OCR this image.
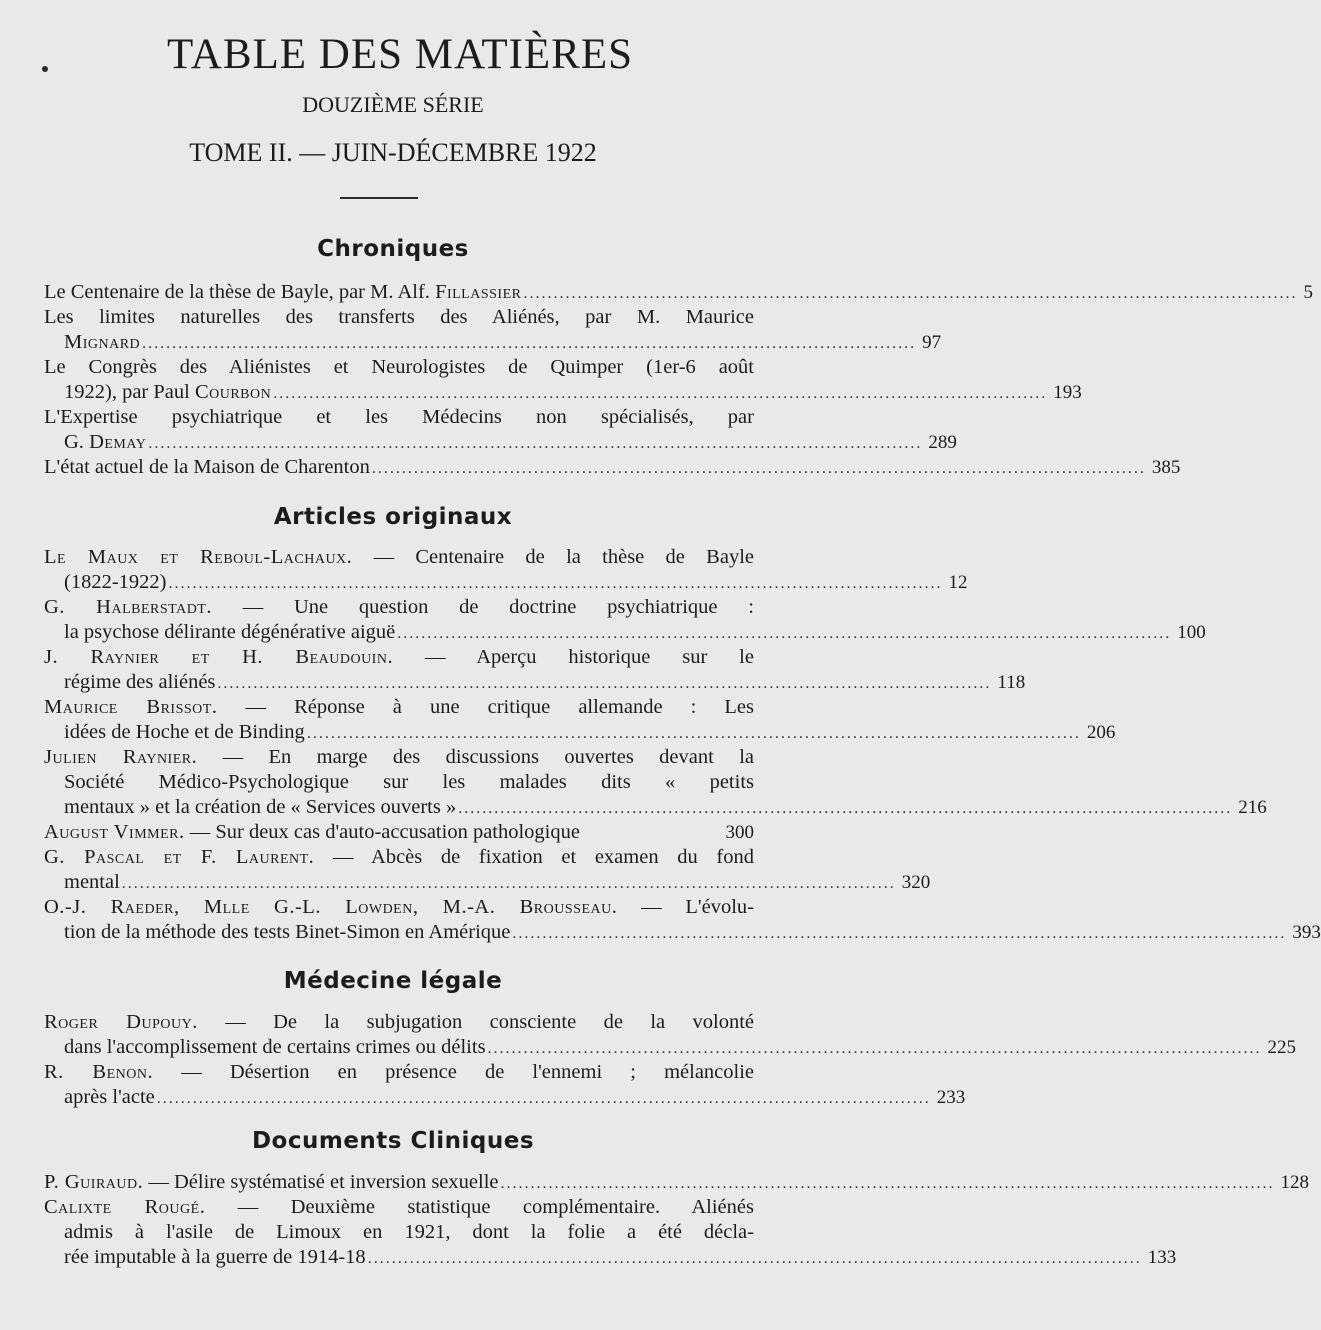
TABLE DES MATIÈRES
DOUZIÈME SÉRIE
TOME II. — JUIN-DÉCEMBRE 1922
Chroniques
Le Centenaire de la thèse de Bayle, par M. Alf. Fillassier ................................................................................................................................. 5
Les limites naturelles des transferts des Aliénés, par M. Maurice
Mignard ................................................................................................................................. 97
Le Congrès des Aliénistes et Neurologistes de Quimper (1er-6 août
1922), par Paul Courbon ................................................................................................................................. 193
L'Expertise psychiatrique et les Médecins non spécialisés, par
G. Demay ................................................................................................................................. 289
L'état actuel de la Maison de Charenton ................................................................................................................................. 385
Articles originaux
Le Maux et Reboul-Lachaux. — Centenaire de la thèse de Bayle
(1822-1922) ................................................................................................................................. 12
G. Halberstadt. — Une question de doctrine psychiatrique :
la psychose délirante dégénérative aiguë ................................................................................................................................. 100
J. Raynier et H. Beaudouin. — Aperçu historique sur le
régime des aliénés ................................................................................................................................. 118
Maurice Brissot. — Réponse à une critique allemande : Les
idées de Hoche et de Binding ................................................................................................................................. 206
Julien Raynier. — En marge des discussions ouvertes devant la
Société Médico-Psychologique sur les malades dits « petits
mentaux » et la création de « Services ouverts » ................................................................................................................................. 216
August Vimmer. — Sur deux cas d'auto-accusation pathologique	300
G. Pascal et F. Laurent. — Abcès de fixation et examen du fond
mental ................................................................................................................................. 320
O.-J. Raeder, Mlle G.-L. Lowden, M.-A. Brousseau. — L'évolu-
tion de la méthode des tests Binet-Simon en Amérique ................................................................................................................................. 393
Médecine légale
Roger Dupouy. — De la subjugation consciente de la volonté
dans l'accomplissement de certains crimes ou délits ................................................................................................................................. 225
R. Benon. — Désertion en présence de l'ennemi ; mélancolie
après l'acte ................................................................................................................................. 233
Documents Cliniques
P. Guiraud. — Délire systématisé et inversion sexuelle ................................................................................................................................. 128
Calixte Rougé. — Deuxième statistique complémentaire. Aliénés
admis à l'asile de Limoux en 1921, dont la folie a été décla-
rée imputable à la guerre de 1914-18 ................................................................................................................................. 133
